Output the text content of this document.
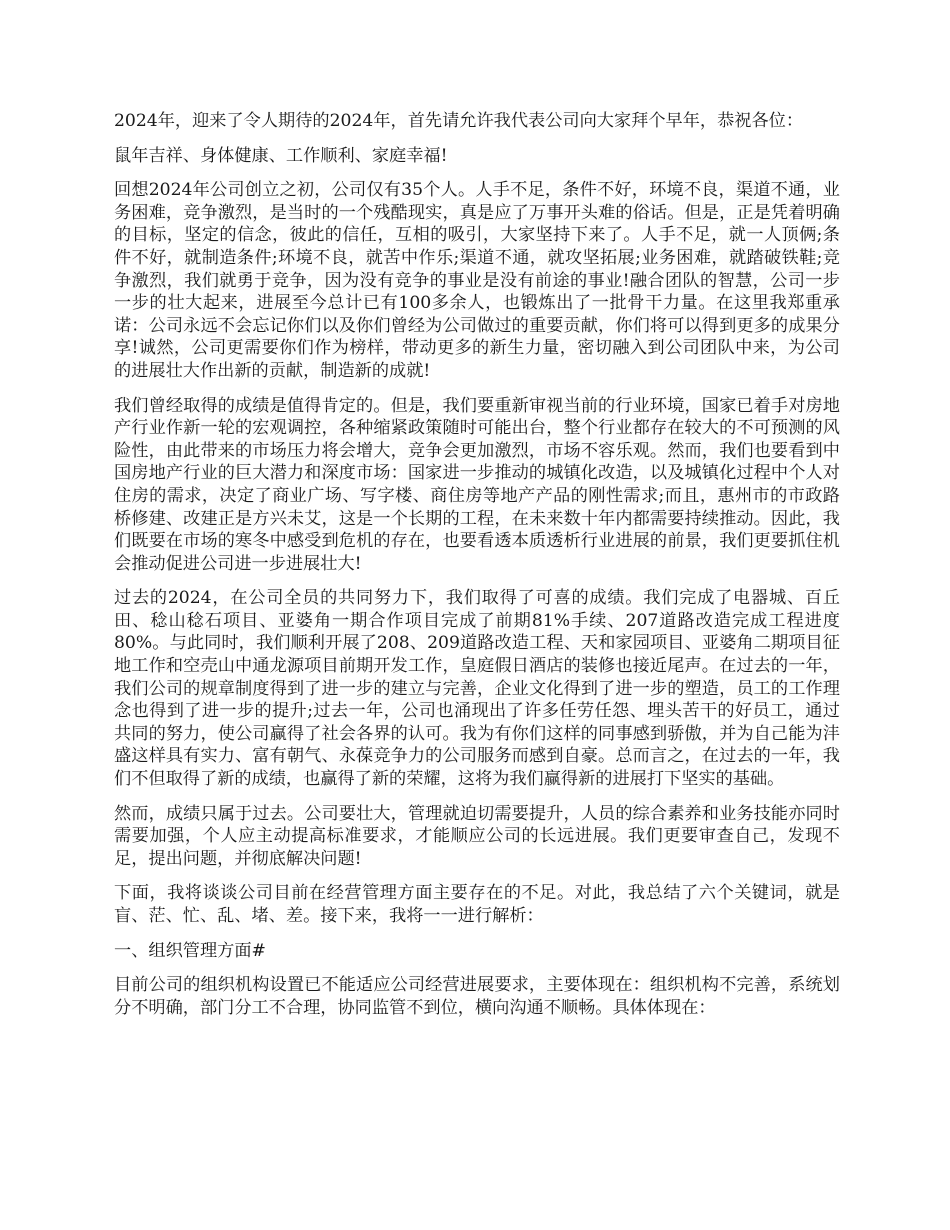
2024年，迎来了令人期待的2024年，首先请允许我代表公司向大家拜个早年，恭祝各位：

鼠年吉祥、身体健康、工作顺利、家庭幸福!

回想2024年公司创立之初，公司仅有35个人。人手不足，条件不好，环境不良，渠道不通，业务困难，竞争激烈，是当时的一个残酷现实，真是应了万事开头难的俗话。但是，正是凭着明确的目标，坚定的信念，彼此的信任，互相的吸引，大家坚持下来了。人手不足，就一人顶俩;条件不好，就制造条件;环境不良，就苦中作乐;渠道不通，就攻坚拓展;业务困难，就踏破铁鞋;竞争激烈，我们就勇于竞争，因为没有竞争的事业是没有前途的事业!融合团队的智慧，公司一步一步的壮大起来，进展至今总计已有100多余人，也锻炼出了一批骨干力量。在这里我郑重承诺：公司永远不会忘记你们以及你们曾经为公司做过的重要贡献，你们将可以得到更多的成果分享!诚然，公司更需要你们作为榜样，带动更多的新生力量，密切融入到公司团队中来，为公司的进展壮大作出新的贡献，制造新的成就!

我们曾经取得的成绩是值得肯定的。但是，我们要重新审视当前的行业环境，国家已着手对房地产行业作新一轮的宏观调控，各种缩紧政策随时可能出台，整个行业都存在较大的不可预测的风险性，由此带来的市场压力将会增大，竞争会更加激烈，市场不容乐观。然而，我们也要看到中国房地产行业的巨大潜力和深度市场：国家进一步推动的城镇化改造，以及城镇化过程中个人对住房的需求，决定了商业广场、写字楼、商住房等地产产品的刚性需求;而且，惠州市的市政路桥修建、改建正是方兴未艾，这是一个长期的工程，在未来数十年内都需要持续推动。因此，我们既要在市场的寒冬中感受到危机的存在，也要看透本质透析行业进展的前景，我们更要抓住机会推动促进公司进一步进展壮大!

过去的2024，在公司全员的共同努力下，我们取得了可喜的成绩。我们完成了电器城、百丘田、稔山稔石项目、亚婆角一期合作项目完成了前期81%手续、207道路改造完成工程进度80%。与此同时，我们顺利开展了208、209道路改造工程、天和家园项目、亚婆角二期项目征地工作和空売山中通龙源项目前期开发工作，皇庭假日酒店的装修也接近尾声。在过去的一年，我们公司的规章制度得到了进一步的建立与完善，企业文化得到了进一步的塑造，员工的工作理念也得到了进一步的提升;过去一年，公司也涌现出了许多任劳任怨、埋头苦干的好员工，通过共同的努力，使公司赢得了社会各界的认可。我为有你们这样的同事感到骄傲，并为自己能为沣盛这样具有实力、富有朝气、永葆竞争力的公司服务而感到自豪。总而言之，在过去的一年，我们不但取得了新的成绩，也赢得了新的荣耀，这将为我们赢得新的进展打下坚实的基础。

然而，成绩只属于过去。公司要壮大，管理就迫切需要提升，人员的综合素养和业务技能亦同时需要加强，个人应主动提高标准要求，才能顺应公司的长远进展。我们更要审查自己，发现不足，提出问题，并彻底解决问题!

下面，我将谈谈公司目前在经营管理方面主要存在的不足。对此，我总结了六个关键词，就是盲、茫、忙、乱、堵、差。接下来，我将一一进行解析：

一、组织管理方面#

目前公司的组织机构设置已不能适应公司经营进展要求，主要体现在：组织机构不完善，系统划分不明确，部门分工不合理，协同监管不到位，横向沟通不顺畅。具体体现在：
